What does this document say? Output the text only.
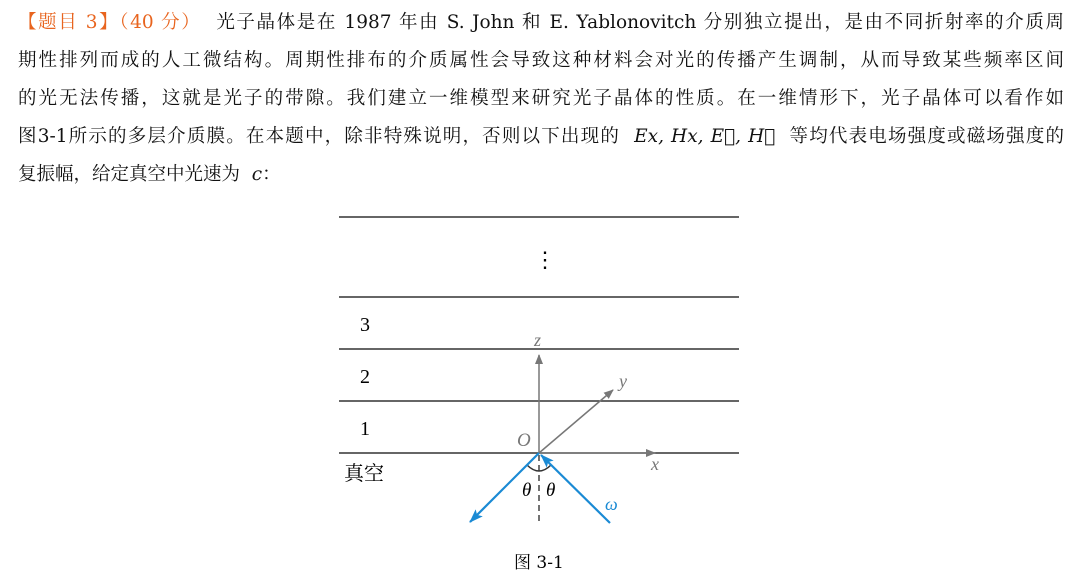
【题目 3】（40 分） 光子晶体是在 1987 年由 S. John 和 E. Yablonovitch 分别独立提出，是由不同折射率的介质周
期性排列而成的人工微结构。周期性排布的介质属性会导致这种材料会对光的传播产生调制，从而导致某些频率区间
的光无法传播，这就是光子的带隙。我们建立一维模型来研究光子晶体的性质。在一维情形下，光子晶体可以看作如
图3-1所示的多层介质膜。在本题中，除非特殊说明，否则以下出现的 Ex, Hx, E⃗, H⃗ 等均代表电场强度或磁场强度的
复振幅，给定真空中光速为 c：
⋮
3
2
1
真空
z
x
y
O
θ θ
ω
图 3-1
